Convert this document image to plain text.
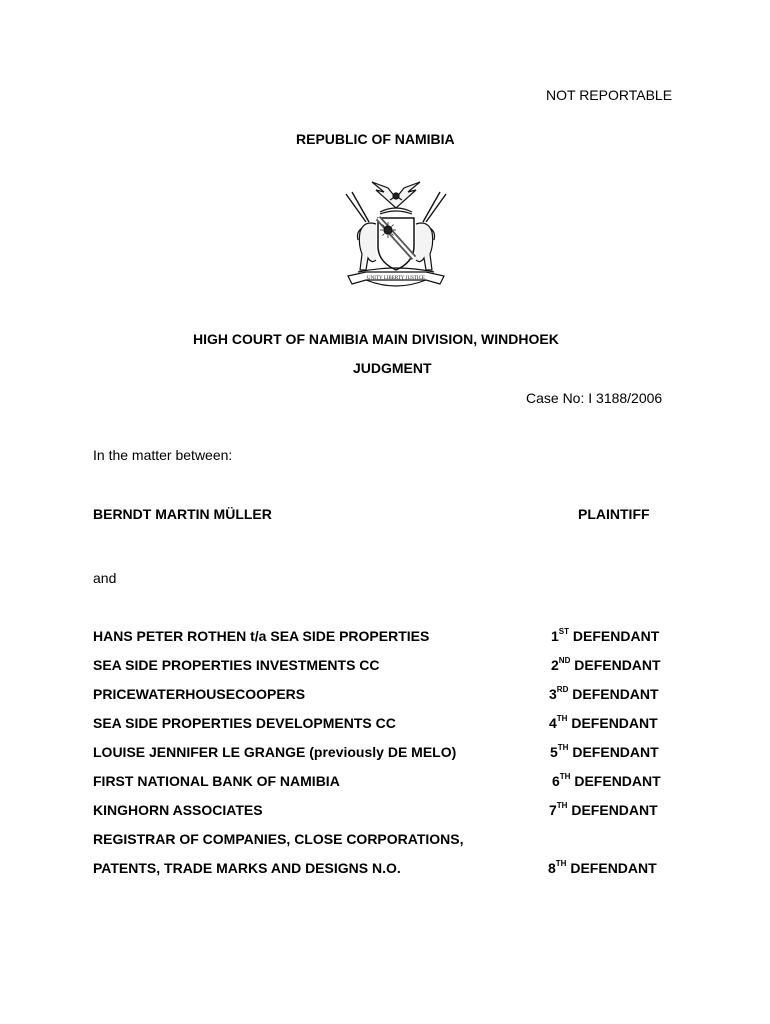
NOT REPORTABLE
REPUBLIC OF NAMIBIA
UNITY LIBERTY JUSTICE
HIGH COURT OF NAMIBIA MAIN DIVISION, WINDHOEK
JUDGMENT
Case No: I 3188/2006
In the matter between:
BERNDT MARTIN MÜLLER	PLAINTIFF
and
HANS PETER ROTHEN t/a SEA SIDE PROPERTIES	1ST DEFENDANT
SEA SIDE PROPERTIES INVESTMENTS CC	2ND DEFENDANT
PRICEWATERHOUSECOOPERS	3RD DEFENDANT
SEA SIDE PROPERTIES DEVELOPMENTS CC	4TH DEFENDANT
LOUISE JENNIFER LE GRANGE (previously DE MELO)	5TH DEFENDANT
FIRST NATIONAL BANK OF NAMIBIA	6TH DEFENDANT
KINGHORN ASSOCIATES	7TH DEFENDANT
REGISTRAR OF COMPANIES, CLOSE CORPORATIONS,
PATENTS, TRADE MARKS AND DESIGNS N.O.	8TH DEFENDANT
